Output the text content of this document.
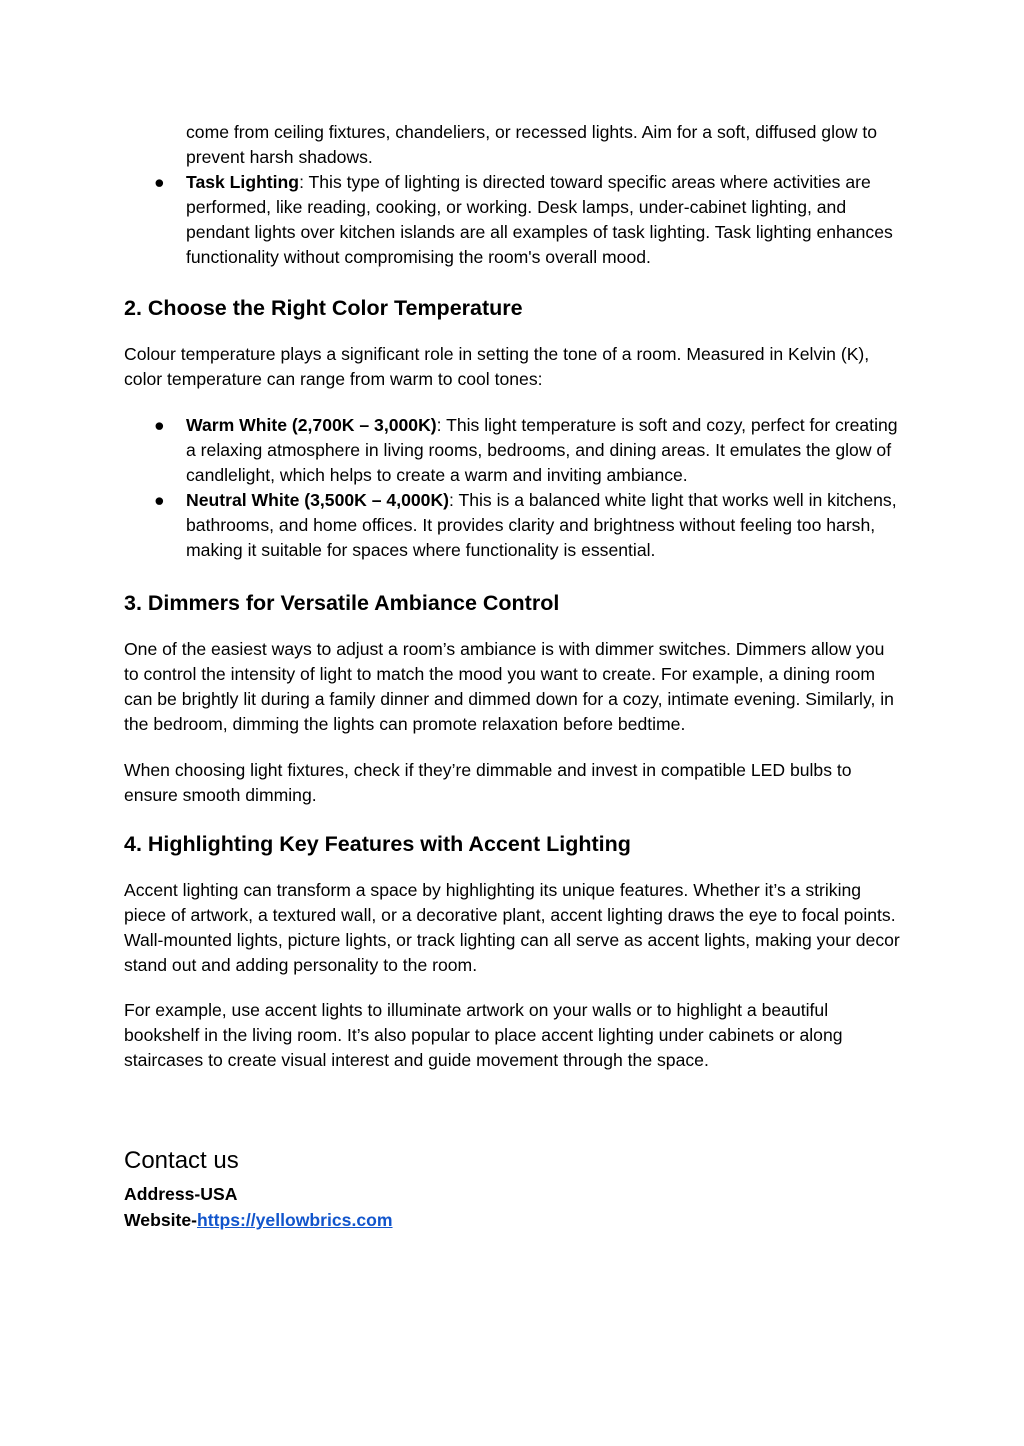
come from ceiling fixtures, chandeliers, or recessed lights. Aim for a soft, diffused glow to prevent harsh shadows.

● Task Lighting: This type of lighting is directed toward specific areas where activities are performed, like reading, cooking, or working. Desk lamps, under-cabinet lighting, and pendant lights over kitchen islands are all examples of task lighting. Task lighting enhances functionality without compromising the room's overall mood.
2. Choose the Right Color Temperature

Colour temperature plays a significant role in setting the tone of a room. Measured in Kelvin (K), color temperature can range from warm to cool tones:

● Warm White (2,700K – 3,000K): This light temperature is soft and cozy, perfect for creating a relaxing atmosphere in living rooms, bedrooms, and dining areas. It emulates the glow of candlelight, which helps to create a warm and inviting ambiance.
● Neutral White (3,500K – 4,000K): This is a balanced white light that works well in kitchens, bathrooms, and home offices. It provides clarity and brightness without feeling too harsh, making it suitable for spaces where functionality is essential.
3. Dimmers for Versatile Ambiance Control

One of the easiest ways to adjust a room’s ambiance is with dimmer switches. Dimmers allow you to control the intensity of light to match the mood you want to create. For example, a dining room can be brightly lit during a family dinner and dimmed down for a cozy, intimate evening. Similarly, in the bedroom, dimming the lights can promote relaxation before bedtime.

When choosing light fixtures, check if they’re dimmable and invest in compatible LED bulbs to ensure smooth dimming.

4. Highlighting Key Features with Accent Lighting

Accent lighting can transform a space by highlighting its unique features. Whether it’s a striking piece of artwork, a textured wall, or a decorative plant, accent lighting draws the eye to focal points. Wall-mounted lights, picture lights, or track lighting can all serve as accent lights, making your decor stand out and adding personality to the room.

For example, use accent lights to illuminate artwork on your walls or to highlight a beautiful bookshelf in the living room. It’s also popular to place accent lighting under cabinets or along staircases to create visual interest and guide movement through the space.

Contact us
Address-USA
Website-https://yellowbrics.com
